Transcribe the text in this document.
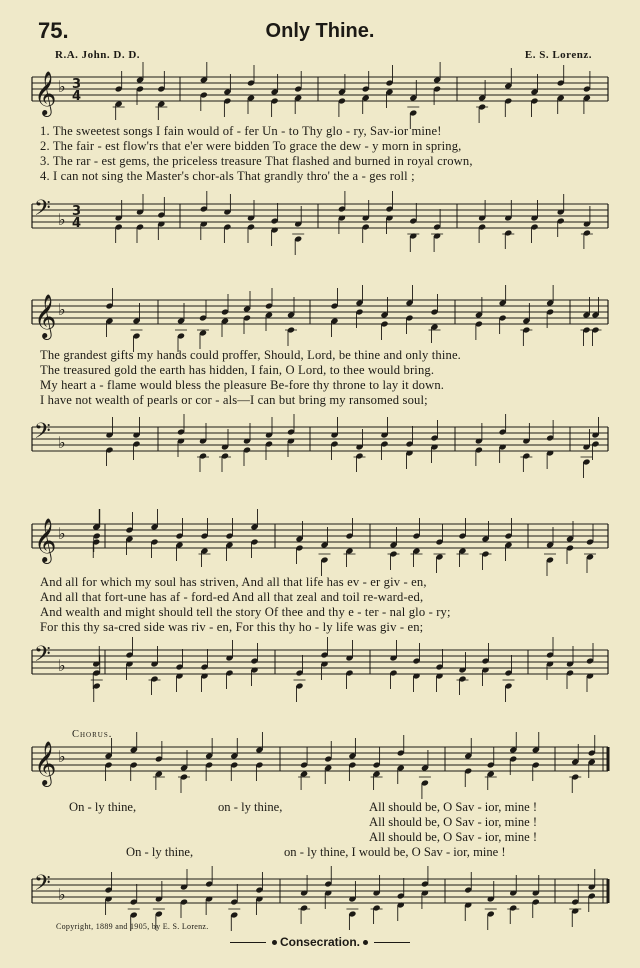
75.	Only Thine.
R.A. John. D. D.	E. S. Lorenz.
𝄞 ♭ 3
4
1. The sweetest songs I fain would of - fer Un - to Thy glo - ry, Sav-ior mine!
2. The fair - est flow'rs that e'er were bidden To grace the dew - y morn in spring,
3. The rar - est gems, the priceless treasure That flashed and burned in royal crown,
4. I can not sing the Master's chor-als That grandly thro' the a - ges roll ;
𝄢 ♭ 3
4
𝄞 ♭
The grandest gifts my hands could proffer, Should, Lord, be thine and only thine.
The treasured gold the earth has hidden, I fain, O Lord, to thee would bring.
My heart a - flame would bless the pleasure Be-fore thy throne to lay it down.
I have not wealth of pearls or cor - als—I can but bring my ransomed soul;
𝄢 ♭
𝄞 ♭
And all for which my soul has striven, And all that life has ev - er giv - en,
And all that fort-une has af - ford-ed And all that zeal and toil re-ward-ed,
And wealth and might should tell the story Of thee and thy e - ter - nal glo - ry;
For this thy sa-cred side was riv - en, For this thy ho - ly life was giv - en;
𝄢 ♭
Chorus.
𝄞 ♭
On - ly thine,	on - ly thine,	All should be, O Sav - ior, mine !
All should be, O Sav - ior, mine !
All should be, O Sav - ior, mine !
On - ly thine,	on - ly thine, I would be, O Sav - ior, mine !
𝄢 ♭
Copyright, 1889 and 1905, by E. S. Lorenz.
Consecration.
